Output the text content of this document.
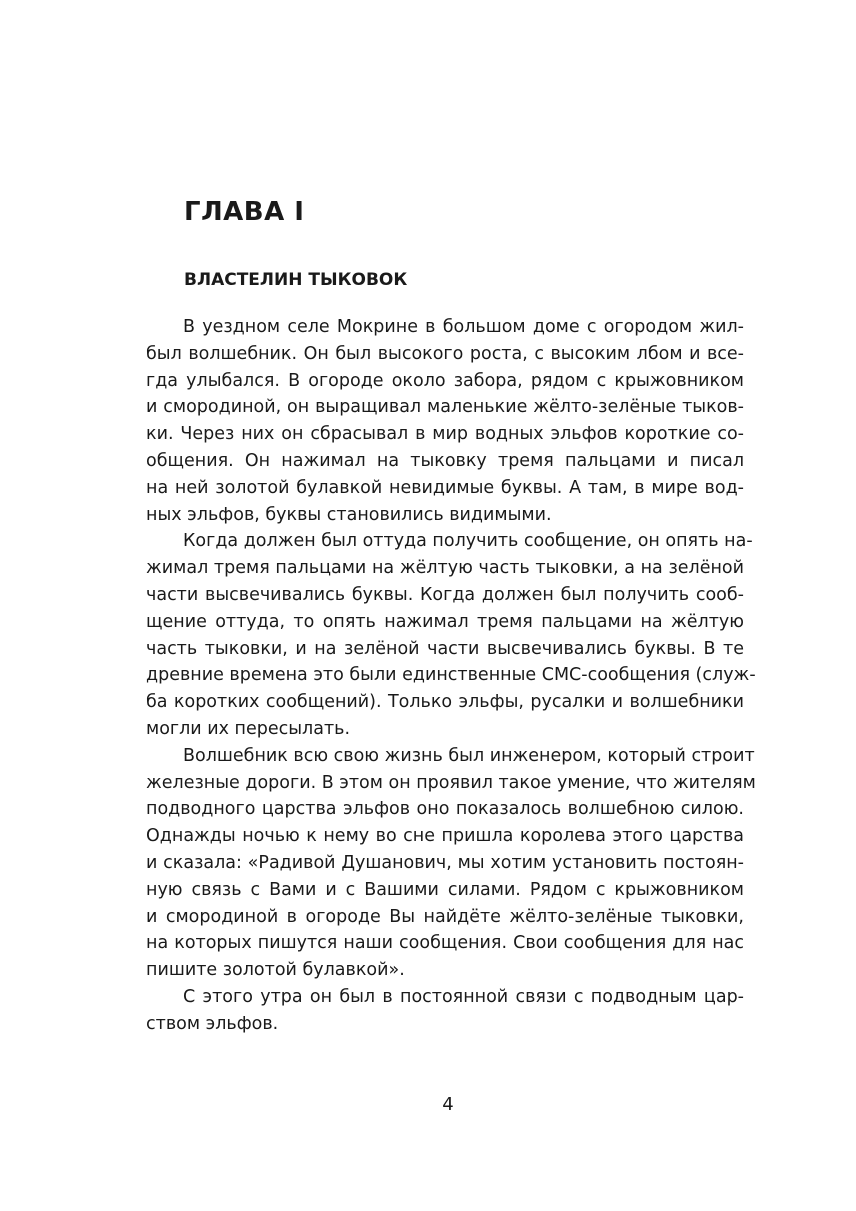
ГЛАВА I
ВЛАСТЕЛИН ТЫКОВОК
В уездном селе Мокрине в большом доме с огородом жил-
был волшебник. Он был высокого роста, с высоким лбом и все-
гда улыбался. В огороде около забора, рядом с крыжовником
и смородиной, он выращивал маленькие жёлто-зелёные тыков-
ки. Через них он сбрасывал в мир водных эльфов короткие со-
общения. Он нажимал на тыковку тремя пальцами и писал
на ней золотой булавкой невидимые буквы. А там, в мире вод-
ных эльфов, буквы становились видимыми.
Когда должен был оттуда получить сообщение, он опять на-
жимал тремя пальцами на жёлтую часть тыковки, а на зелёной
части высвечивались буквы. Когда должен был получить сооб-
щение оттуда, то опять нажимал тремя пальцами на жёлтую
часть тыковки, и на зелёной части высвечивались буквы. В те
древние времена это были единственные СМС-сообщения (служ-
ба коротких сообщений). Только эльфы, русалки и волшебники
могли их пересылать.
Волшебник всю свою жизнь был инженером, который строит
железные дороги. В этом он проявил такое умение, что жителям
подводного царства эльфов оно показалось волшебною силою.
Однажды ночью к нему во сне пришла королева этого царства
и сказала: «Радивой Душанович, мы хотим установить постоян-
ную связь с Вами и с Вашими силами. Рядом с крыжовником
и смородиной в огороде Вы найдёте жёлто-зелёные тыковки,
на которых пишутся наши сообщения. Свои сообщения для нас
пишите золотой булавкой».
С этого утра он был в постоянной связи с подводным цар-
ством эльфов.
4
